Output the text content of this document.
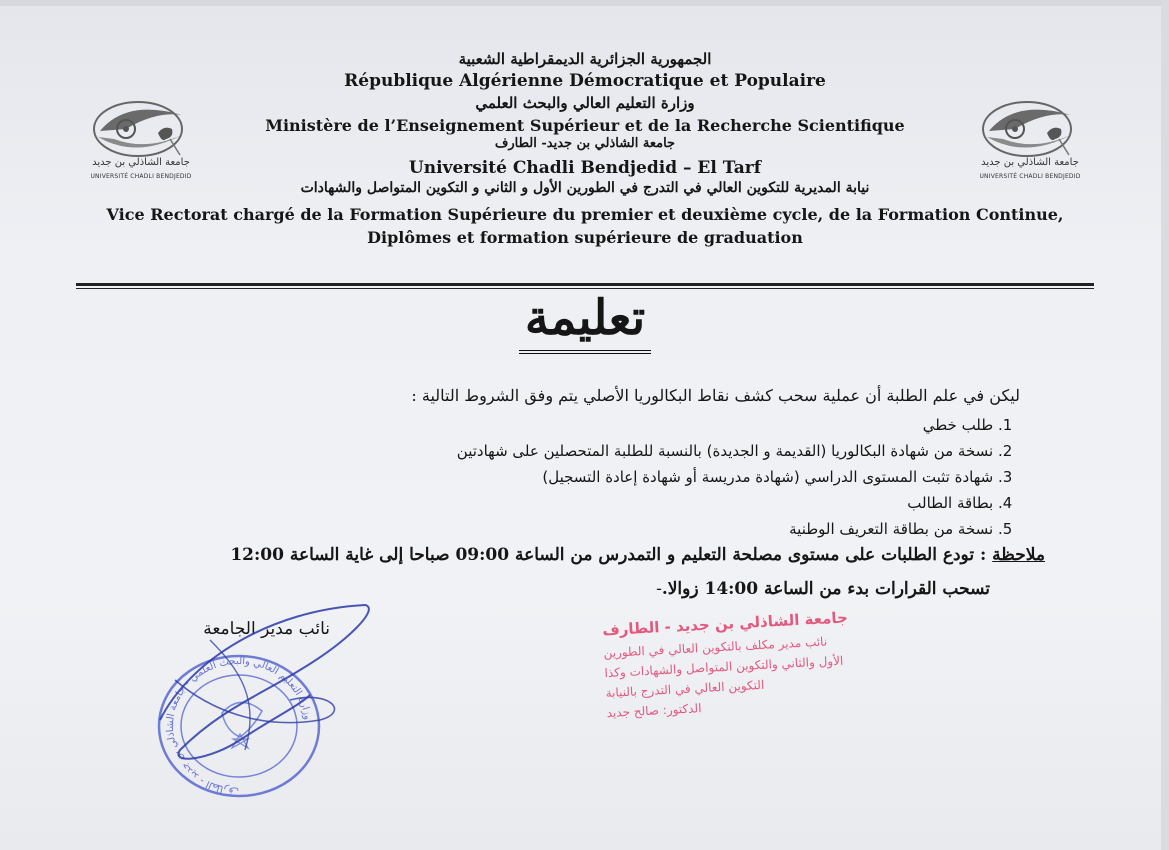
جامعة الشاذلي بن جديد
UNIVERSITÉ CHADLI BENDJEDID
جامعة الشاذلي بن جديد
UNIVERSITÉ CHADLI BENDJEDID
الجمهورية الجزائرية الديمقراطية الشعبية
République Algérienne Démocratique et Populaire
وزارة التعليم العالي والبحث العلمي
Ministère de l’Enseignement Supérieur et de la Recherche Scientifique
جامعة الشاذلي بن جديد- الطارف
Université Chadli Bendjedid – El Tarf
نيابة المديرية للتكوين العالي في التدرج في الطورين الأول و الثاني و التكوين المتواصل والشهادات
Vice Rectorat chargé de la Formation Supérieure du premier et deuxième cycle, de la Formation Continue, Diplômes et formation supérieure de graduation
تعليمة
ليكن في علم الطلبة أن عملية سحب كشف نقاط البكالوريا الأصلي يتم وفق الشروط التالية :
1. طلب خطي
2. نسخة من شهادة البكالوريا (القديمة و الجديدة) بالنسبة للطلبة المتحصلين على شهادتين
3. شهادة تثبت المستوى الدراسي (شهادة مدريسة أو شهادة إعادة التسجيل)
4. بطاقة الطالب
5. نسخة من بطاقة التعريف الوطنية
ملاحظة : تودع الطلبات على مستوى مصلحة التعليم و التمدرس من الساعة 09:00 صباحا إلى غاية الساعة 12:00
تسحب القرارات بدء من الساعة 14:00 زوالا.-
نائب مدير الجامعة
وزارة التعليم العالي والبحث العلمي - جامعة الشاذلي بن جديد - الطارف
جامعة الشاذلي بن جديد - الطارف
نائب مدير مكلف بالتكوين العالي في الطورين
الأول والثاني والتكوين المتواصل والشهادات وكذا
التكوين العالي في التدرج بالنيابة
الدكتور: صالح جديد
